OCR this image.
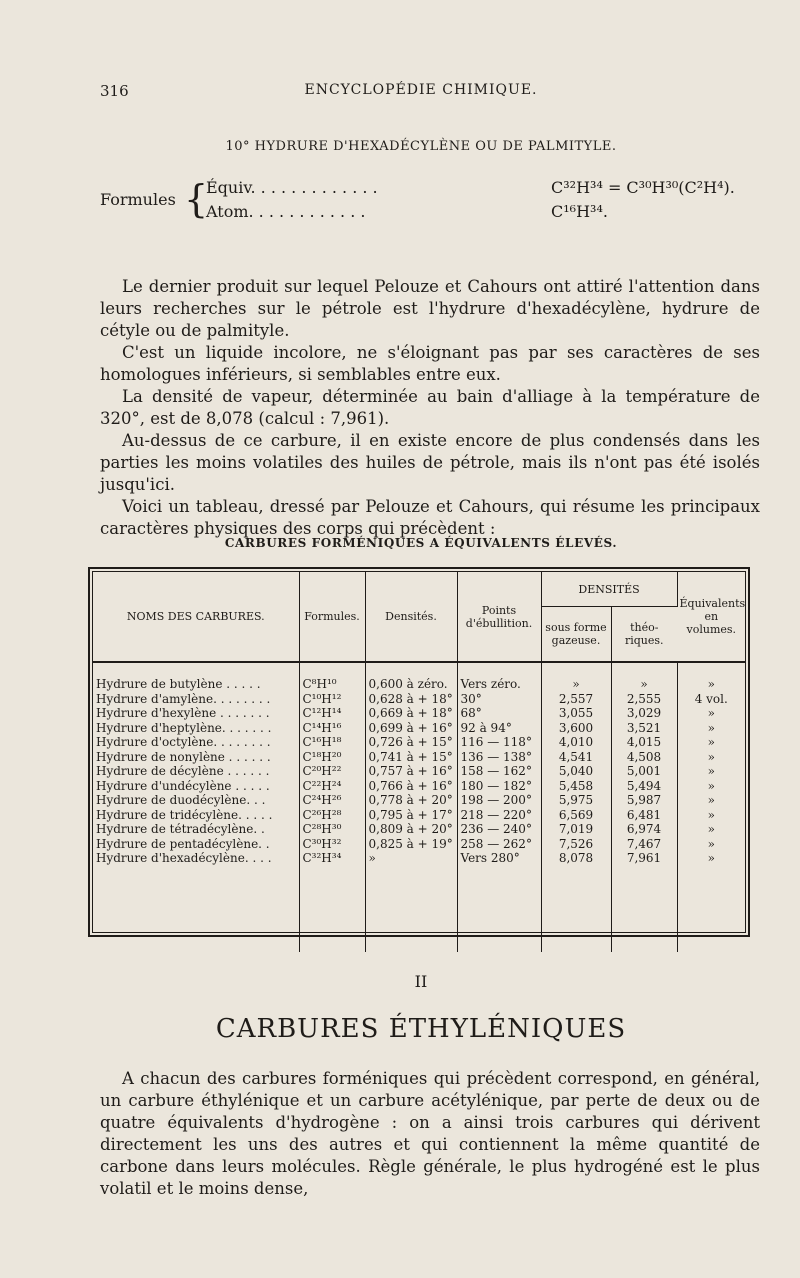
316	ENCYCLOPÉDIE CHIMIQUE.
10° HYDRURE D'HEXADÉCYLÈNE OU DE PALMITYLE.
Formules {
Équiv. . . . . . . . . . . . .	C³²H³⁴ = C³⁰H³⁰(C²H⁴).
Atom. . . . . . . . . . . .	C¹⁶H³⁴.

Le dernier produit sur lequel Pelouze et Cahours ont attiré l'attention dans leurs recherches sur le pétrole est l'hydrure d'hexadécylène, hydrure de cétyle ou de palmityle.

C'est un liquide incolore, ne s'éloignant pas par ses caractères de ses homologues inférieurs, si semblables entre eux.

La densité de vapeur, déterminée au bain d'alliage à la température de 320°, est de 8,078 (calcul : 7,961).

Au-dessus de ce carbure, il en existe encore de plus condensés dans les parties les moins volatiles des huiles de pétrole, mais ils n'ont pas été isolés jusqu'ici.

Voici un tableau, dressé par Pelouze et Cahours, qui résume les principaux caractères physiques des corps qui précèdent :

CARBURES FORMÉNIQUES A ÉQUIVALENTS ÉLEVÉS.
NOMS DES CARBURES.	Formules.	Densités.	Points d'ébullition.	DENSITÉS		Équivalents en volumes.
				sous forme gazeuse.	théo- riques.	
Hydrure de butylène . . . . .	C⁸H¹⁰	0,600 à zéro.	Vers zéro.	»	»	»
Hydrure d'amylène. . . . . . . .	C¹⁰H¹²	0,628 à + 18°	30°	2,557	2,555	4 vol.
Hydrure d'hexylène . . . . . . .	C¹²H¹⁴	0,669 à + 18°	68°	3,055	3,029	»
Hydrure d'heptylène. . . . . . .	C¹⁴H¹⁶	0,699 à + 16°	92 à 94°	3,600	3,521	»
Hydrure d'octylène. . . . . . . .	C¹⁶H¹⁸	0,726 à + 15°	116 — 118°	4,010	4,015	»
Hydrure de nonylène . . . . . .	C¹⁸H²⁰	0,741 à + 15°	136 — 138°	4,541	4,508	»
Hydrure de décylène . . . . . .	C²⁰H²²	0,757 à + 16°	158 — 162°	5,040	5,001	»
Hydrure d'undécylène . . . . .	C²²H²⁴	0,766 à + 16°	180 — 182°	5,458	5,494	»
Hydrure de duodécylène. . .	C²⁴H²⁶	0,778 à + 20°	198 — 200°	5,975	5,987	»
Hydrure de tridécylène. . . . .	C²⁶H²⁸	0,795 à + 17°	218 — 220°	6,569	6,481	»
Hydrure de tétradécylène. .	C²⁸H³⁰	0,809 à + 20°	236 — 240°	7,019	6,974	»
Hydrure de pentadécylène. .	C³⁰H³²	0,825 à + 19°	258 — 262°	7,526	7,467	»
Hydrure d'hexadécylène. . . .	C³²H³⁴	»	Vers 280°	8,078	7,961	»

II
CARBURES ÉTHYLÉNIQUES

A chacun des carbures forméniques qui précèdent correspond, en général, un carbure éthylénique et un carbure acétylénique, par perte de deux ou de quatre équivalents d'hydrogène : on a ainsi trois carbures qui dérivent directement les uns des autres et qui contiennent la même quantité de carbone dans leurs molécules. Règle générale, le plus hydrogéné est le plus volatil et le moins dense,
